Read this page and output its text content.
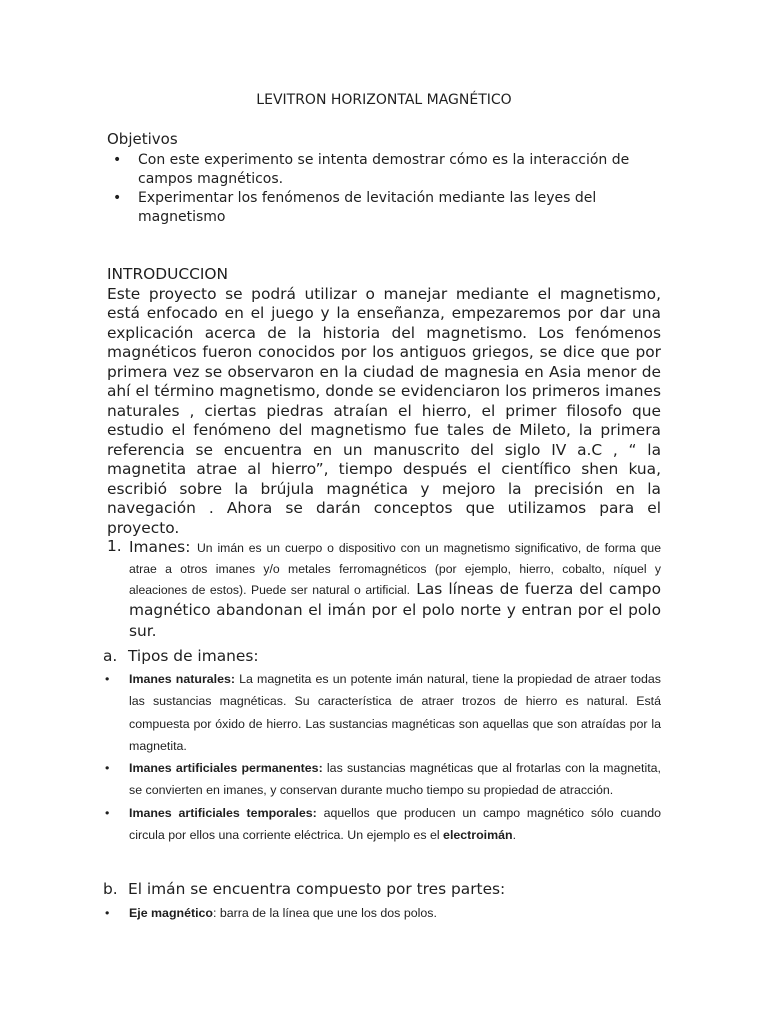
LEVITRON HORIZONTAL MAGNÉTICO
Objetivos
• Con este experimento se intenta demostrar cómo es la interacción de campos magnéticos.
• Experimentar los fenómenos de levitación mediante las leyes del magnetismo
INTRODUCCION
Este proyecto se podrá utilizar o manejar mediante el magnetismo, está enfocado en el juego y la enseñanza, empezaremos por dar una explicación acerca de la historia del magnetismo. Los fenómenos magnéticos fueron conocidos por los antiguos griegos, se dice que por primera vez se observaron en la ciudad de magnesia en Asia menor de ahí el término magnetismo, donde se evidenciaron los primeros imanes naturales , ciertas piedras atraían el hierro, el primer filosofo que estudio el fenómeno del magnetismo fue tales de Mileto, la primera referencia se encuentra en un manuscrito del siglo IV a.C , “ la magnetita atrae al hierro”, tiempo después el científico shen kua, escribió sobre la brújula magnética y mejoro la precisión en la navegación . Ahora se darán conceptos que utilizamos para el proyecto.
1. Imanes: Un imán es un cuerpo o dispositivo con un magnetismo significativo, de forma que atrae a otros imanes y/o metales ferromagnéticos (por ejemplo, hierro, cobalto, níquel y aleaciones de estos). Puede ser natural o artificial. Las líneas de fuerza del campo magnético abandonan el imán por el polo norte y entran por el polo sur.
a. Tipos de imanes:
• Imanes naturales: La magnetita es un potente imán natural, tiene la propiedad de atraer todas las sustancias magnéticas. Su característica de atraer trozos de hierro es natural. Está compuesta por óxido de hierro. Las sustancias magnéticas son aquellas que son atraídas por la magnetita.
• Imanes artificiales permanentes: las sustancias magnéticas que al frotarlas con la magnetita, se convierten en imanes, y conservan durante mucho tiempo su propiedad de atracción.
• Imanes artificiales temporales: aquellos que producen un campo magnético sólo cuando circula por ellos una corriente eléctrica. Un ejemplo es el electroimán.
b. El imán se encuentra compuesto por tres partes:
• Eje magnético: barra de la línea que une los dos polos.
